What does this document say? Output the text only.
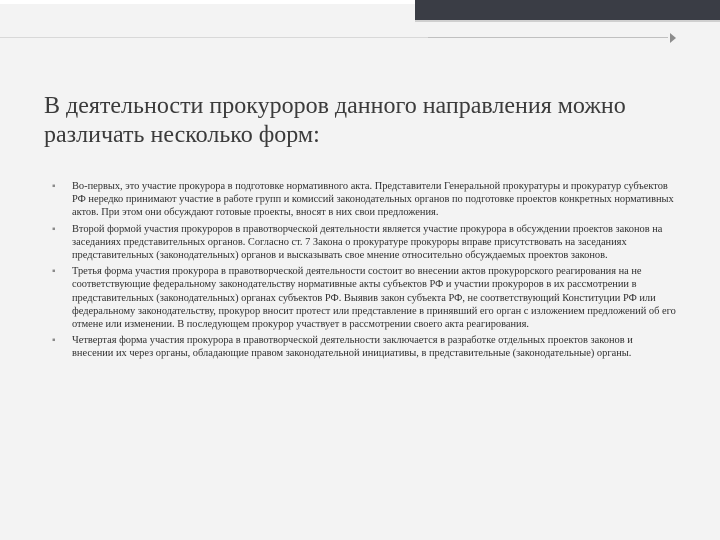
В деятельности прокуроров данного направления можно различать несколько форм:
▪ Во-первых, это участие прокурора в подготовке нормативного акта. Представители Генеральной прокуратуры и прокуратур субъектов РФ нередко принимают участие в работе групп и комиссий законодательных органов по подготовке проектов конкретных нормативных актов. При этом они обсуждают готовые проекты, вносят в них свои предложения.
▪ Второй формой участия прокуроров в правотворческой деятельности является участие прокурора в обсуждении проектов законов на заседаниях представительных органов. Согласно ст. 7 Закона о прокуратуре прокуроры вправе присутствовать на заседаниях представительных (законодательных) органов и высказывать свое мнение относительно обсуждаемых проектов законов.
▪ Третья форма участия прокурора в правотворческой деятельности состоит во внесении актов прокурорского реагирования на не соответствующие федеральному законодательству нормативные акты субъектов РФ и участии прокуроров в их рассмотрении в представительных (законодательных) органах субъектов РФ. Выявив закон субъекта РФ, не соответствующий Конституции РФ или федеральному законодательству, прокурор вносит протест или представление в принявший его орган с изложением предложений об его отмене или изменении. В последующем прокурор участвует в рассмотрении своего акта реагирования.
▪ Четвертая форма участия прокурора в правотворческой деятельности заключается в разработке отдельных проектов законов и внесении их через органы, обладающие правом законодательной инициативы, в представительные (законодательные) органы.
